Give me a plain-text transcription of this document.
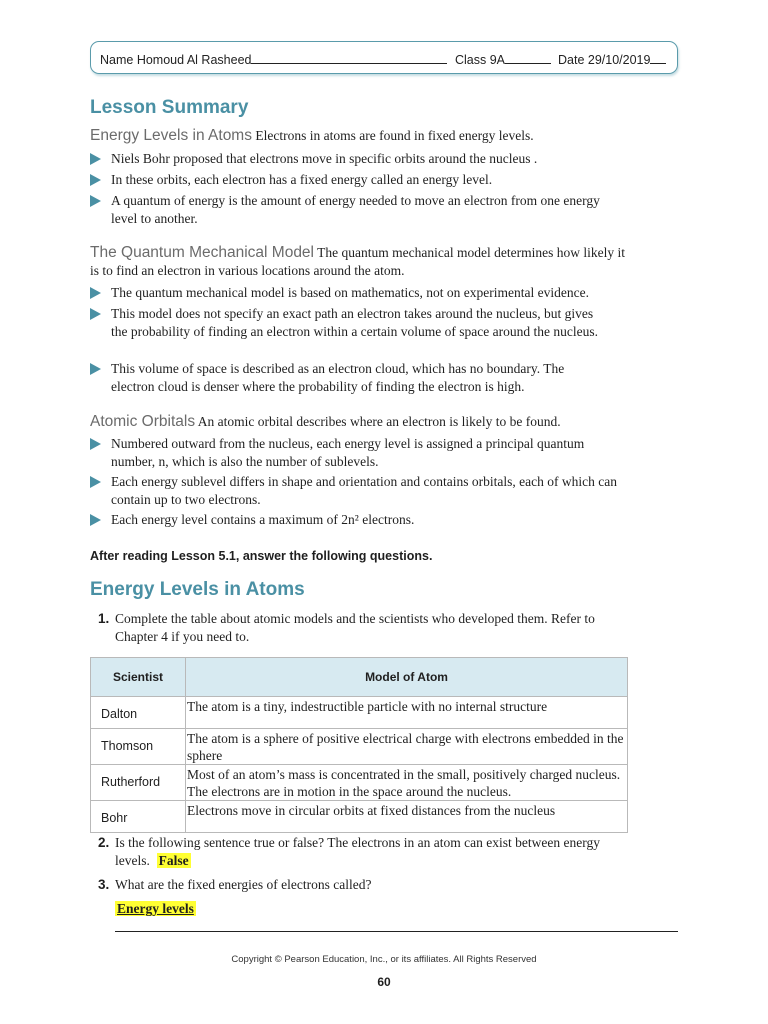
Name Homoud Al Rasheed	Class 9A	Date 29/10/2019
Lesson Summary
Energy Levels in Atoms Electrons in atoms are found in fixed energy levels.
Niels Bohr proposed that electrons move in specific orbits around the nucleus .
In these orbits, each electron has a fixed energy called an energy level.
A quantum of energy is the amount of energy needed to move an electron from one energy level to another.
The Quantum Mechanical Model The quantum mechanical model determines how likely it is to find an electron in various locations around the atom.
The quantum mechanical model is based on mathematics, not on experimental evidence.
This model does not specify an exact path an electron takes around the nucleus, but gives the probability of finding an electron within a certain volume of space around the nucleus.
This volume of space is described as an electron cloud, which has no boundary. The electron cloud is denser where the probability of finding the electron is high.
Atomic Orbitals An atomic orbital describes where an electron is likely to be found.
Numbered outward from the nucleus, each energy level is assigned a principal quantum number, n, which is also the number of sublevels.
Each energy sublevel differs in shape and orientation and contains orbitals, each of which can contain up to two electrons.
Each energy level contains a maximum of 2n² electrons.
After reading Lesson 5.1, answer the following questions.
Energy Levels in Atoms
1. Complete the table about atomic models and the scientists who developed them. Refer to Chapter 4 if you need to.
Scientist	Model of Atom
Dalton	The atom is a tiny, indestructible particle with no internal structure
Thomson	The atom is a sphere of positive electrical charge with electrons embedded in the sphere
Rutherford	Most of an atom’s mass is concentrated in the small, positively charged nucleus. The electrons are in motion in the space around the nucleus.
Bohr	Electrons move in circular orbits at fixed distances from the nucleus
2. Is the following sentence true or false? The electrons in an atom can exist between energy levels. False
3. What are the fixed energies of electrons called?
Energy levels
Copyright © Pearson Education, Inc., or its affiliates. All Rights Reserved
60
